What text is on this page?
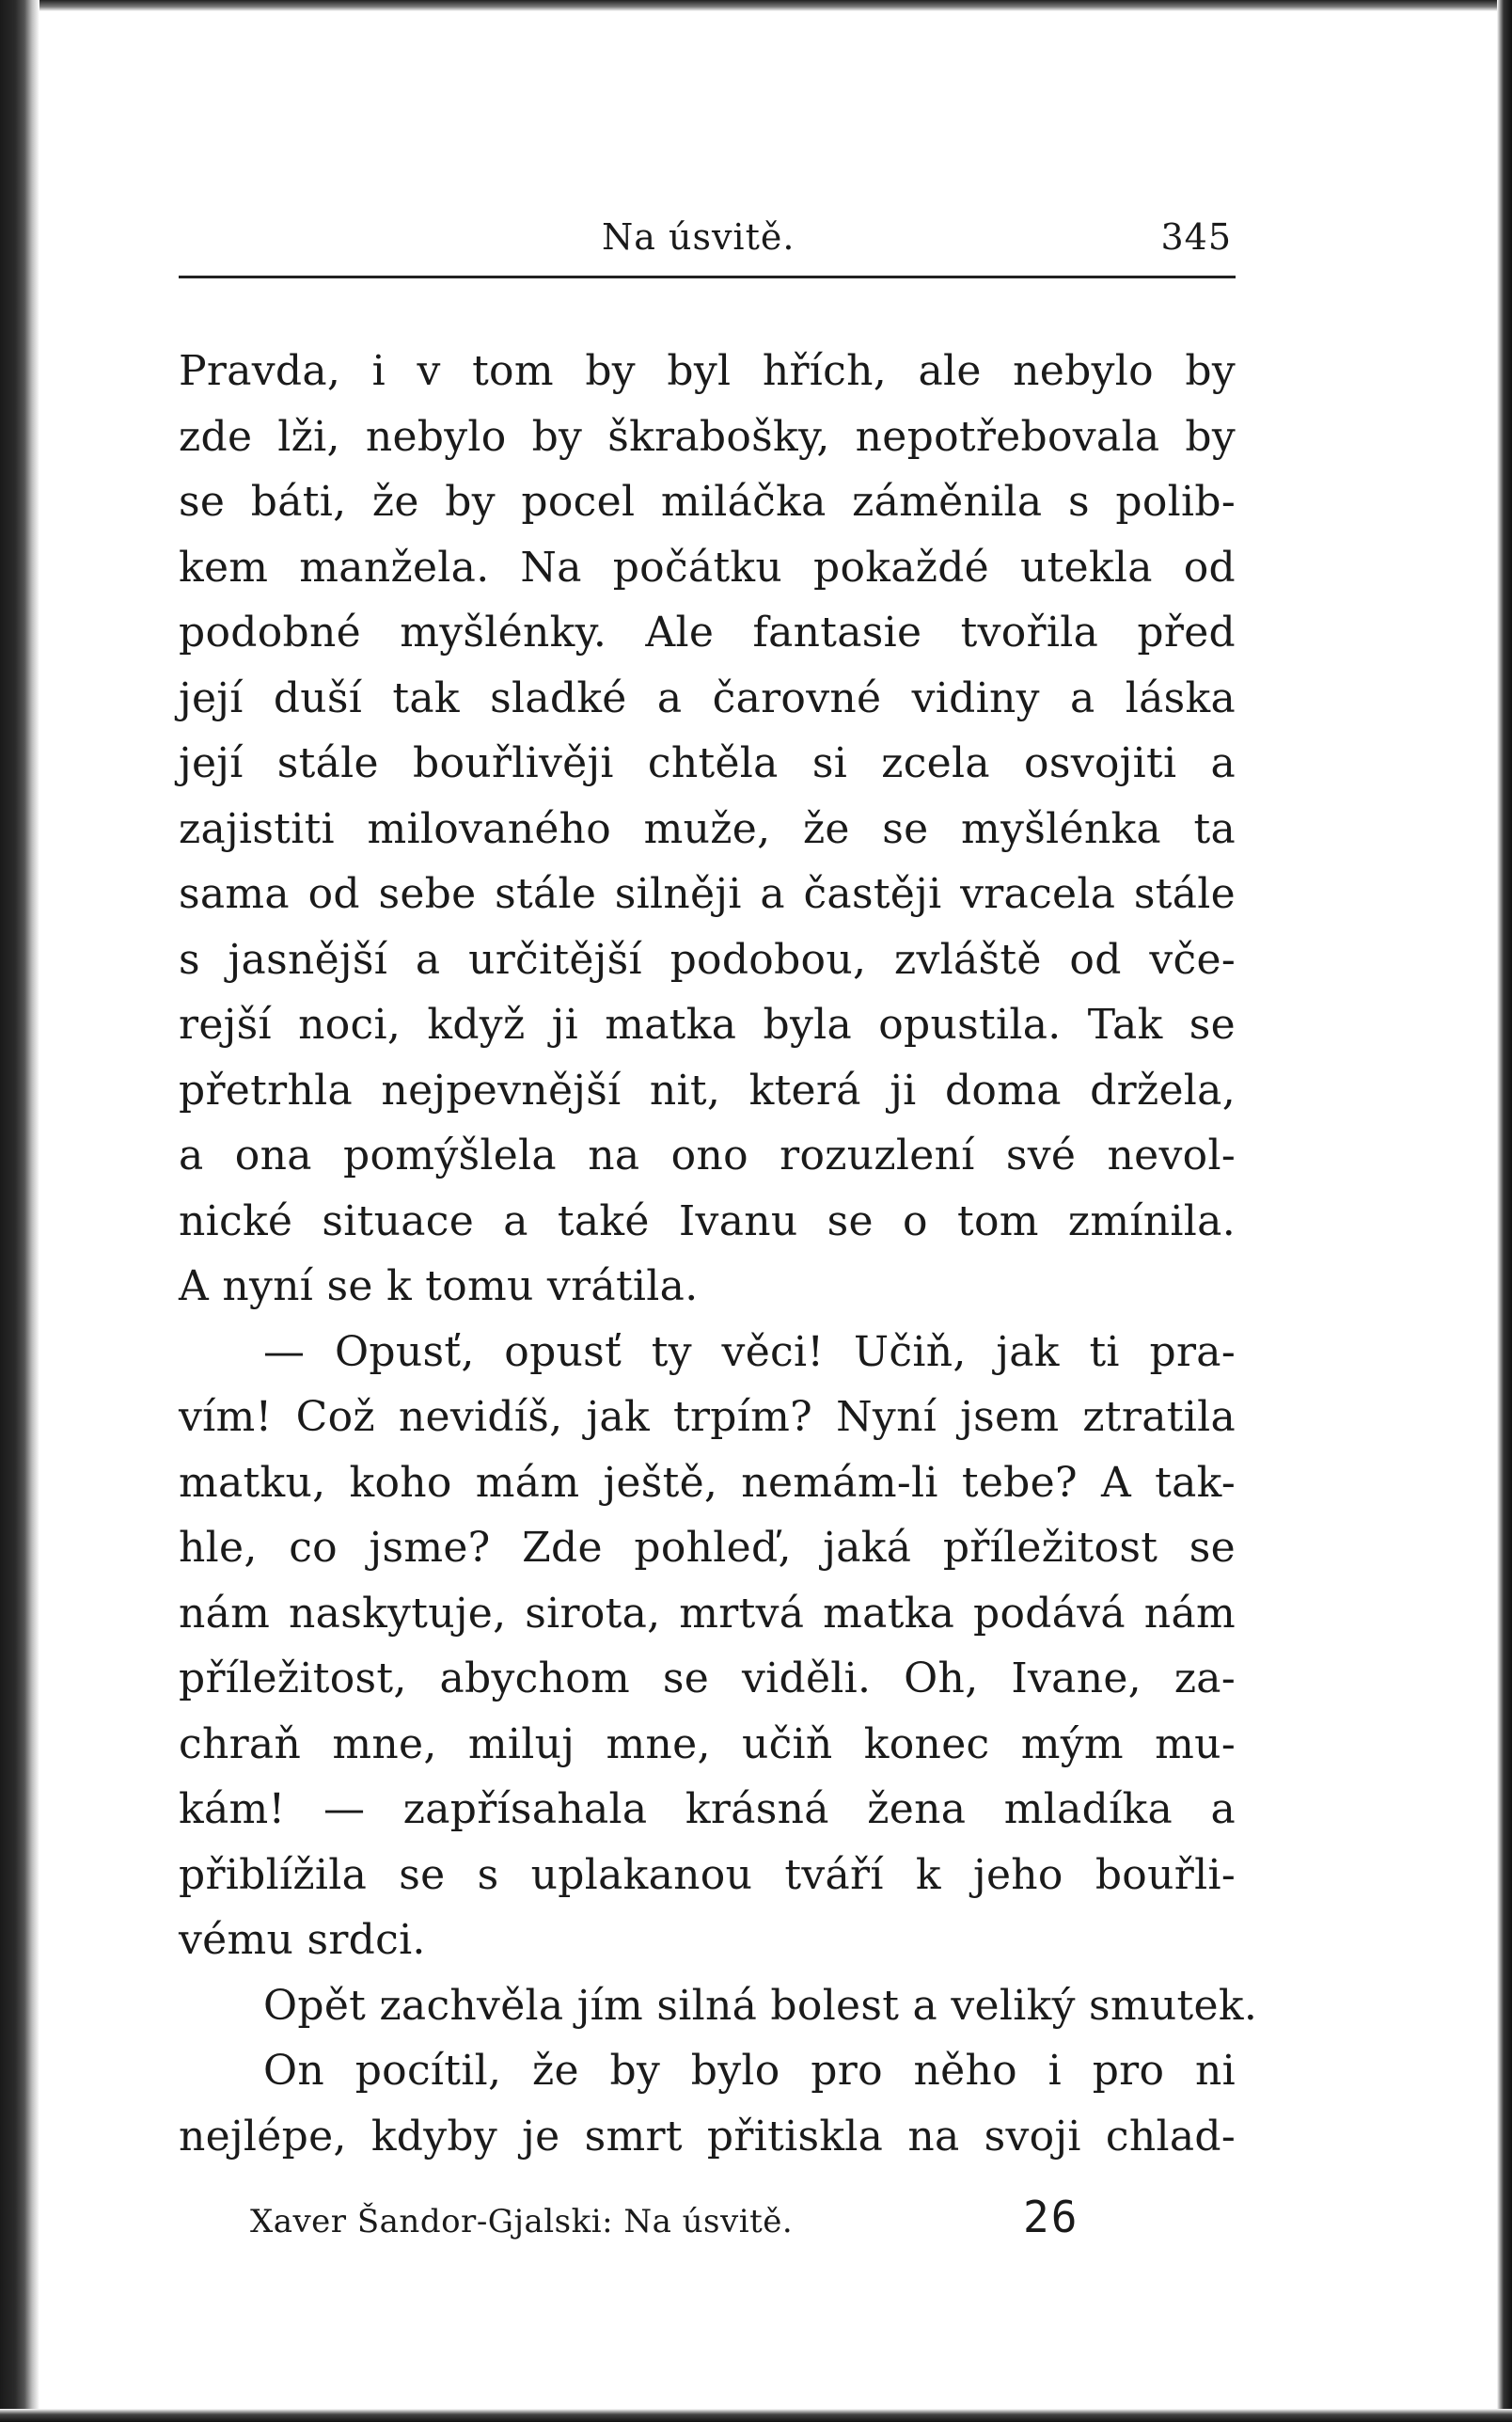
Na úsvitě.	345
Pravda, i v tom by byl hřích, ale nebylo by
zde lži, nebylo by škrabošky, nepotřebovala by
se báti, že by pocel miláčka záměnila s polib-
kem manžela. Na počátku pokaždé utekla od
podobné myšlénky. Ale fantasie tvořila před
její duší tak sladké a čarovné vidiny a láska
její stále bouřlivěji chtěla si zcela osvojiti a
zajistiti milovaného muže, že se myšlénka ta
sama od sebe stále silněji a častěji vracela stále
s jasnější a určitější podobou, zvláště od vče-
rejší noci, když ji matka byla opustila. Tak se
přetrhla nejpevnější nit, která ji doma držela,
a ona pomýšlela na ono rozuzlení své nevol-
nické situace a také Ivanu se o tom zmínila.
A nyní se k tomu vrátila.
— Opusť, opusť ty věci! Učiň, jak ti pra-
vím! Což nevidíš, jak trpím? Nyní jsem ztratila
matku, koho mám ještě, nemám-li tebe? A tak-
hle, co jsme? Zde pohleď, jaká příležitost se
nám naskytuje, sirota, mrtvá matka podává nám
příležitost, abychom se viděli. Oh, Ivane, za-
chraň mne, miluj mne, učiň konec mým mu-
kám! — zapřísahala krásná žena mladíka a
přiblížila se s uplakanou tváří k jeho bouřli-
vému srdci.
Opět zachvěla jím silná bolest a veliký smutek.
On pocítil, že by bylo pro něho i pro ni
nejlépe, kdyby je smrt přitiskla na svoji chlad-
Xaver Šandor-Gjalski: Na úsvitě.	26
